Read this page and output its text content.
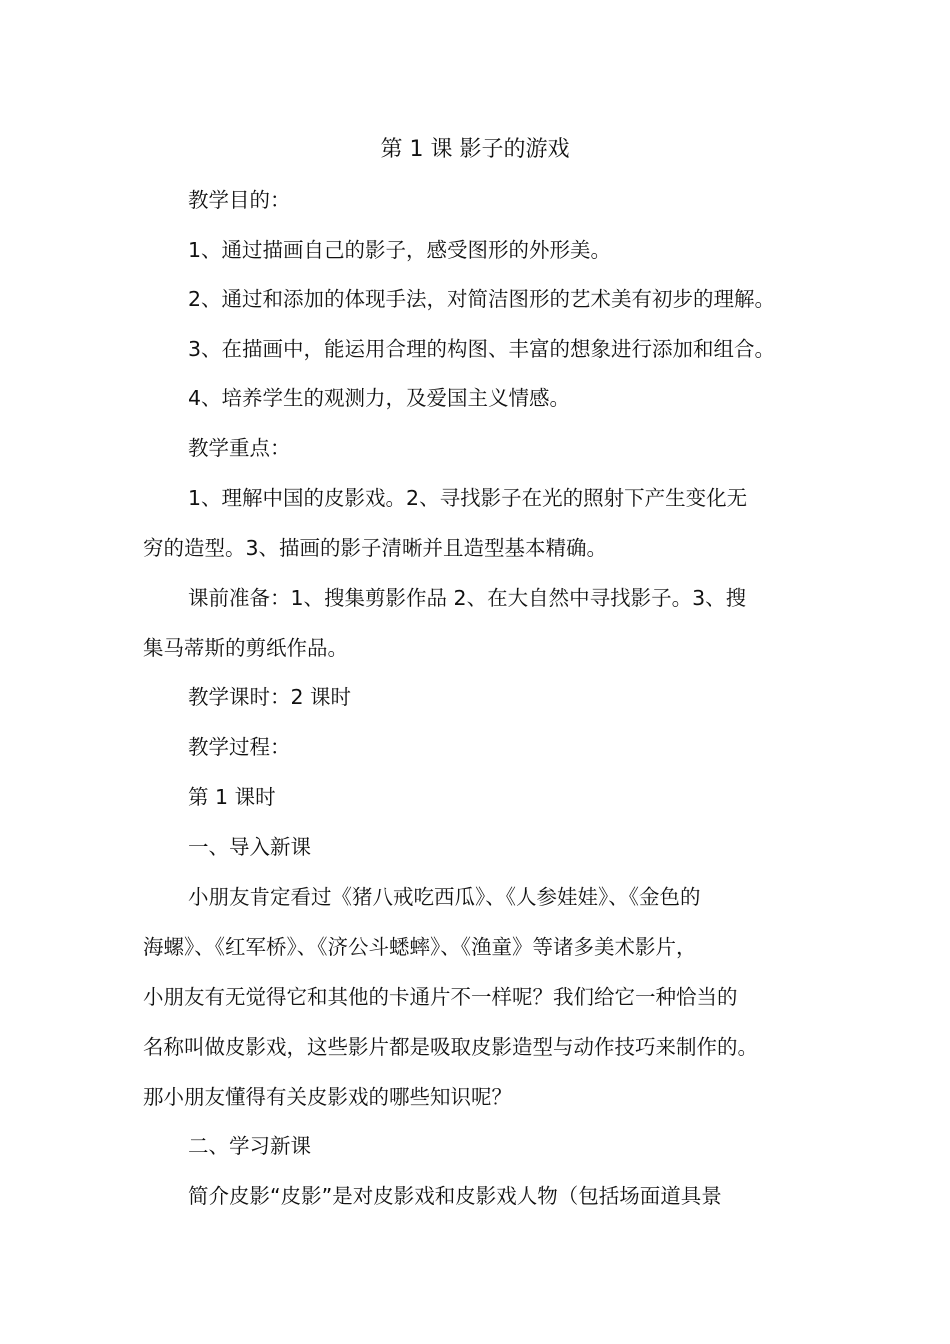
第 1 课 影子的游戏
教学目的：
1、通过描画自己的影子，感受图形的外形美。
2、通过和添加的体现手法，对简洁图形的艺术美有初步的理解。
3、在描画中，能运用合理的构图、丰富的想象进行添加和组合。
4、培养学生的观测力，及爱国主义情感。
教学重点：
1、理解中国的皮影戏。2、寻找影子在光的照射下产生变化无
穷的造型。3、描画的影子清晰并且造型基本精确。
课前准备：1、搜集剪影作品 2、在大自然中寻找影子。3、搜
集马蒂斯的剪纸作品。
教学课时：2 课时
教学过程：
第 1 课时
一、导入新课
小朋友肯定看过《猪八戒吃西瓜》、《人参娃娃》、《金色的
海螺》、《红军桥》、《济公斗蟋蟀》、《渔童》等诸多美术影片，
小朋友有无觉得它和其他的卡通片不一样呢？我们给它一种恰当的
名称叫做皮影戏，这些影片都是吸取皮影造型与动作技巧来制作的。
那小朋友懂得有关皮影戏的哪些知识呢？
二、学习新课
简介皮影“皮影”是对皮影戏和皮影戏人物（包括场面道具景
